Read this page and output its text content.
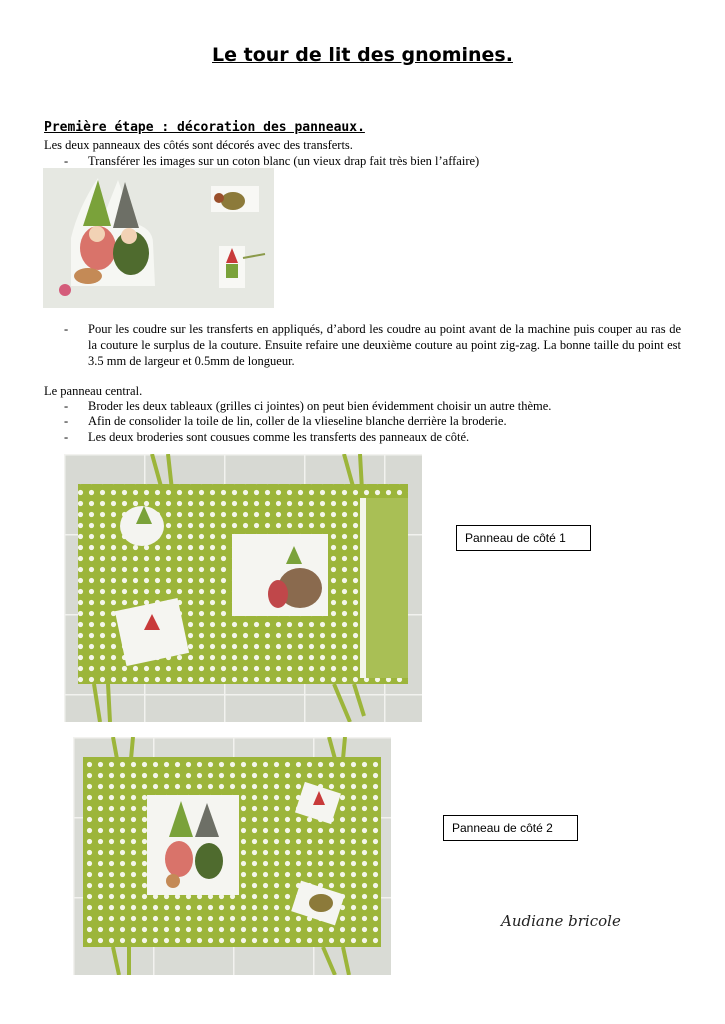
Le tour de lit des gnomines.

Première étape : décoration des panneaux.

Les deux panneaux des côtés sont décorés avec des transferts.

- Transférer les images sur un coton blanc (un vieux drap fait très bien l’affaire)

- Pour les coudre sur les transferts en appliqués, d’abord les coudre au point avant de la machine puis couper au ras de la couture le surplus de la couture. Ensuite refaire une deuxième couture au point zig-zag. La bonne taille du point est 3.5 mm de largeur et 0.5mm de longueur.

Le panneau central.

- Broder les deux tableaux (grilles ci jointes) on peut bien évidemment choisir un autre thème.

- Afin de consolider la toile de lin, coller de la vlieseline blanche derrière la broderie.

- Les deux broderies sont cousues comme les transferts des panneaux de côté.

Panneau de côté 1
Panneau de côté 2
Audiane bricole
